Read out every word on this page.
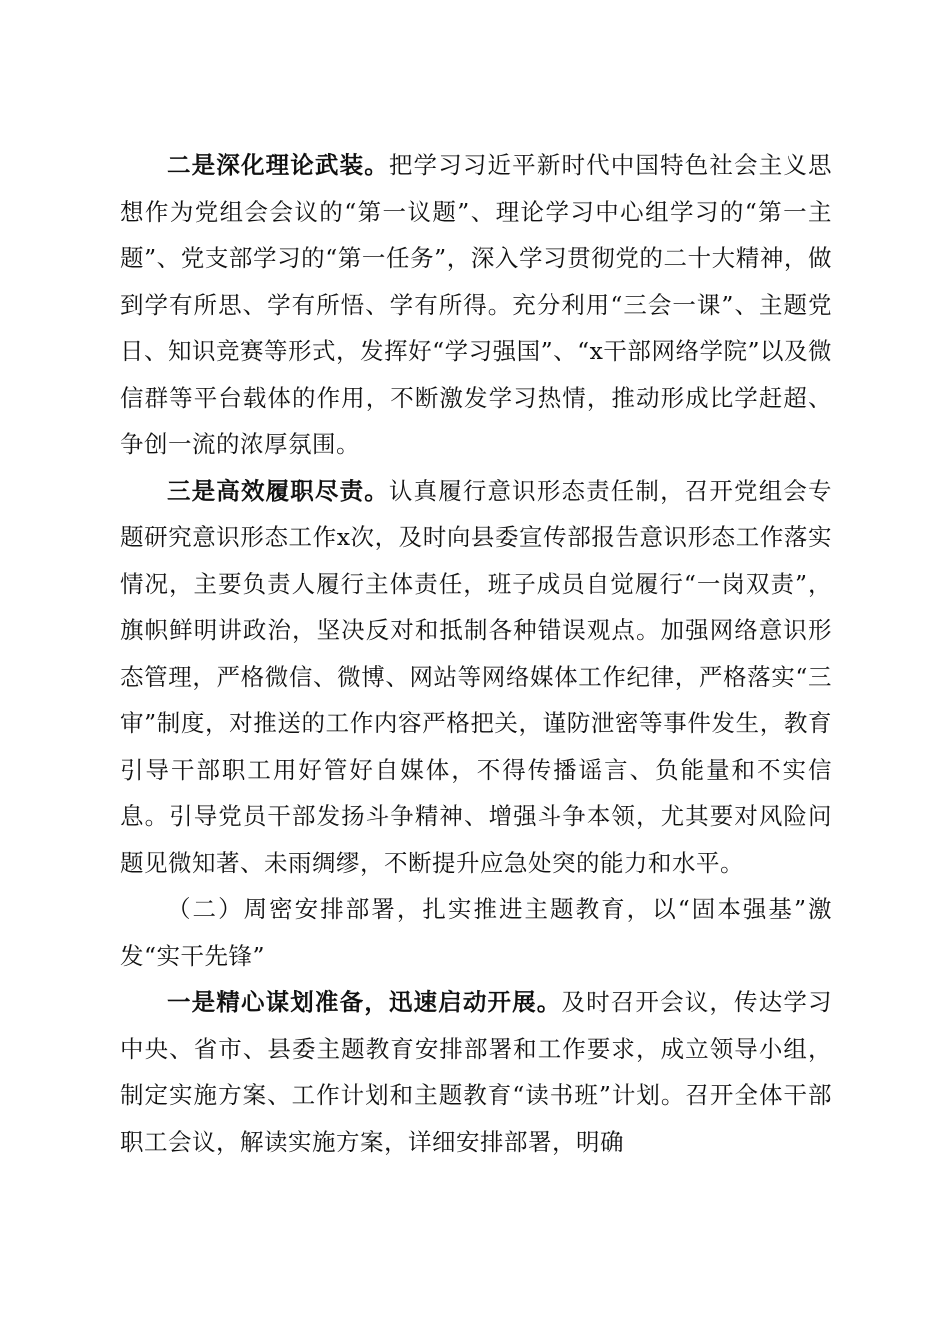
二是深化理论武装。把学习习近平新时代中国特色社会主义思想作为党组会会议的“第一议题”、理论学习中心组学习的“第一主题”、党支部学习的“第一任务”，深入学习贯彻党的二十大精神，做到学有所思、学有所悟、学有所得。充分利用“三会一课”、主题党日、知识竞赛等形式，发挥好“学习强国”、“x干部网络学院”以及微信群等平台载体的作用，不断激发学习热情，推动形成比学赶超、争创一流的浓厚氛围。

三是高效履职尽责。认真履行意识形态责任制，召开党组会专题研究意识形态工作x次，及时向县委宣传部报告意识形态工作落实情况，主要负责人履行主体责任，班子成员自觉履行“一岗双责”，旗帜鲜明讲政治，坚决反对和抵制各种错误观点。加强网络意识形态管理，严格微信、微博、网站等网络媒体工作纪律，严格落实“三审”制度，对推送的工作内容严格把关，谨防泄密等事件发生，教育引导干部职工用好管好自媒体，不得传播谣言、负能量和不实信息。引导党员干部发扬斗争精神、增强斗争本领，尤其要对风险问题见微知著、未雨绸缪，不断提升应急处突的能力和水平。

（二）周密安排部署，扎实推进主题教育，以“固本强基”激发“实干先锋”

一是精心谋划准备，迅速启动开展。及时召开会议，传达学习中央、省市、县委主题教育安排部署和工作要求，成立领导小组，制定实施方案、工作计划和主题教育“读书班”计划。召开全体干部职工会议，解读实施方案，详细安排部署，明确
